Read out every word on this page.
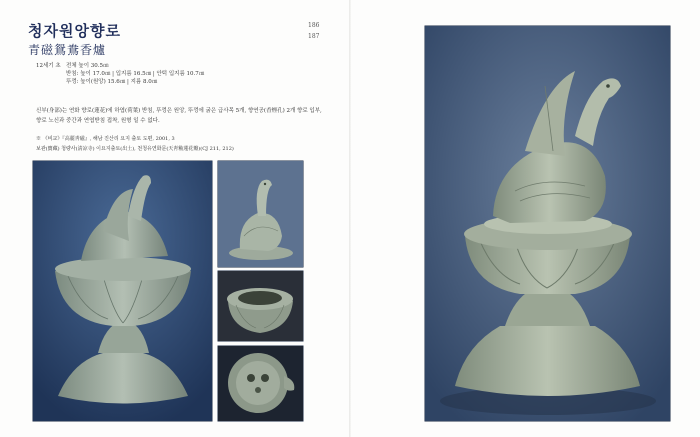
청자원앙향로
青磁鴛鴦香爐
186
187
12세기 초 전체 높이 30.5㎝
받침: 높이 17.0㎝ | 입지름 16.5㎝ | 안턱 입지름 10.7㎝
뚜껑: 높이(원앙) 15.6㎝ | 지름 8.0㎝
신부(身部)는 연화 향로(蓮花)에 하엽(荷葉) 받침, 뚜껑은 원앙, 뚜껑에 굵은 급사목 5개, 향연공(香煙孔) 2개 향로 입부, 향로 노신과 중간과 연엽받침 접착, 원형 일 수 없다.
※ 《비교》『高麗靑磁』, 해남 진산리 요지 출토 도편, 2001, 3
보관(寶藏) 청량사(淸凉寺) 이요지출토(出土), 천청유연화문(天靑釉蓮花瓣)(CJ 211, 212)
